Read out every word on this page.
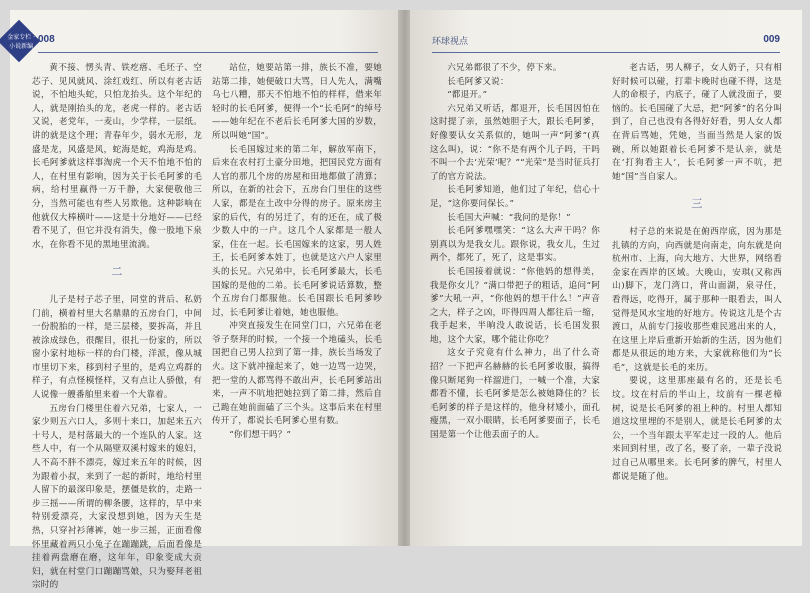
金家专栏 · 小说新编
008

黄不接、愣头青、铁疙瘩、毛坯子、空芯子、见风就风、涂红戏红、所以有老古话说，不怕地头蛇，只怕龙抬头。这个年纪的人，就是刚抬头的龙，老虎一样的。老古话又说，老党年，一麦山，少学样，一层纸。讲的就是这个理；青春年少，弱水无形，龙盛是龙，风盛是风，蛇海是蛇，鸡海是鸡。长毛阿爹就这样事淘虎一个天不怕地不怕的人，在村里有影响，因为关于长毛阿爹的毛病，给村里赢得一万千静，大家便敬他三分，当然可能也有些人另欺他。这种影响在他就仅大棒横叶——这是十分地好——已经看不见了，但它并没有消失，像一股地下泉水，在你看不见的黑地里流淌。

二

儿子是村子芯子里，同堂的背后、私奶门前，横着村里大名鼎鼎的五房台门，中间一份脱胎的一样，是三层楼，要拆高，并且被涂成绿色，很醒目，很扎一份家的，所以窗小家村地标一样的台门楼，洋派，像从城市里切下来，移到村子里的，是鸡立鸡群的样子，有点怪模怪样，又有点让人骄傲，有人说像一艘番舶里来着一个大靠着。

五房台门楼里住着六兄弟，七家人，一家少则五六口人，多则十来口，加起来五六十号人，是村落最大的一个连队的人家。这些人中，有一个从隔壁双溪村嫁来的媳妇，人不高不胖不漂亮，嫁过来五年的时候，因为跟着小叔，来到了一起的新时，地给村里人留下的最深印象是，摆僵是软的，走路一步三摇——所谓的柳条腰，这样的，早中来特别爱漂亮，大家没想到她，因为天生是热，只穿衬衫薄裤，她一步三摇，正面看像怀里藏着两只小兔子在蹦蹦跳，后面看像是挂着两盘磨在磨，这年年，印象变成大贡妇，就在村堂门口蹦蹦骂娘，只为娶拜老祖宗时的

站位，她要站第一排，族长不准，要她站第二排，她便破口大骂，日人先人，满嘴乌七八糟，那天不怕地不怕的样样，借来年轻时的长毛阿爹，便得一个“长毛阿”的绰号——她年纪在不老后长毛阿爹大国的岁数，所以叫她“国”。

长毛国嫁过来的第二年，解放军南下，后来在农村打土豪分田地，把国民党方面有人官的那几个房的房屋和田地都做了清算；所以，在新的社会下，五房台门里住的这些人家，都是在土改中分得的房子。原来房主家的后代，有的另迁了，有的还在，成了极少数人中的一户。这几个人家都是一般人家，住在一起。长毛国嫁来的这家，男人姓王，长毛阿爹本姓丁，也就是这六户人家里头的长兄。六兄弟中，长毛阿爹最大，长毛国嫁的是他的二弟。长毛阿爹说话算数，整个五房台门都服他。长毛国跟长毛阿爹吵过，长毛阿爹让着她，她也服他。

冲突直接发生在同堂门口，六兄弟在老爷子祭拜的时候，一个接一个地磕头，长毛国把自己男人拉到了第一排，族长当场发了火。这下就冲撞起来了，她一边骂一边哭，把一堂的人都骂得不敢出声，长毛阿爹站出来，一声不吭地把她拉到了第二排，然后自己跪在她前面磕了三个头。这事后来在村里传开了，都说长毛阿爹心里有数。

“你们想干吗？”

环球视点	009

六兄弟都很了不少，停下来。

长毛阿爹又说：

“都退开。”

六兄弟又听话，都退开，长毛国因怕在这时提了亲，虽然她胆子大，跟长毛阿爹，好像要认女关系似的，她叫一声“阿爹”(真这么叫)，说：“你不是有两个儿子吗，干吗不叫一个去‘光荣’呢？”“光荣”是当时征兵打了的官方说法。

长毛阿爹知道，他们过了年纪，信心十足，“这你要问保长。”

长毛国大声喊：“我问的是你！”

长毛阿爹嘿嘿笑：“这么大声干吗？你别真以为是我女儿。跟你说，我女儿，生过两个，都死了，死了，这是事实。

长毛国接着就说：“你他妈的想得美，我是你女儿？”满口带把子的粗话，追问“阿爹”大吼一声，“你他妈的想干什么！”声音之大，样子之凶，吓得四周人都往后一缩，我手起来，半晌没人敢说话，长毛国发狠地，这个大家，哪个能让你吃？

这女子究竟有什么神力，出了什么奇招？一下把声名赫赫的长毛阿爹收服，搞得像只断尾狗一样溜进门，一喊一个准，大家都看不懂，长毛阿爹是怎么被她降住的？长毛阿爹的样子是这样的，他身材矮小，面孔瘦黑，一双小眼睛，长毛阿爹要面子，长毛国是第一个让他丢面子的人。

老古话，男人柳子，女人奶子，只有相好时候可以碰，打辈卡晚时也碰不得，这是人的命根子，内底子，碰了人就没面子，要恼的。长毛国碰了大忌，把“阿爹”的名分叫到了，自己也没有各得好好看，男人女人都在背后骂她，凭她，当面当然是人家的饭碗，所以她跟着长毛阿爹不是认亲，就是在‘打狗看主人’，长毛阿爹一声不吭，把她“国”当自家人。

三

村子总的来说是在俯西岸底，因为那是扎镇的方向，向西就是向南走，向东就是向杭州市、上海，向大地方、大世界，网络看金家在西岸的区域。大晚山，安琪(又称西山)脚下，龙门湾口，背山面湖，泉寻任，看得远，吃得开，属于那种一眼看去，叫人觉得是风水宝地的好地方。传说这儿是个古渡口，从前专门接收那些难民逃出来的人，在这里上岸后重新开始新的生活，因为他们都是从很远的地方来，大家就称他们为“长毛”，这就是长毛的来历。

要说，这里那座最有名的，还是长毛坟。坟在村后的半山上，坟前有一棵老樟树，说是长毛阿爹的祖上种的。村里人都知道这坟里埋的不是别人，就是长毛阿爹的太公，一个当年跟太平军走过一段的人。他后来回到村里，改了名，娶了亲，一辈子没说过自己从哪里来。长毛阿爹的脾气，村里人都说是随了他。
